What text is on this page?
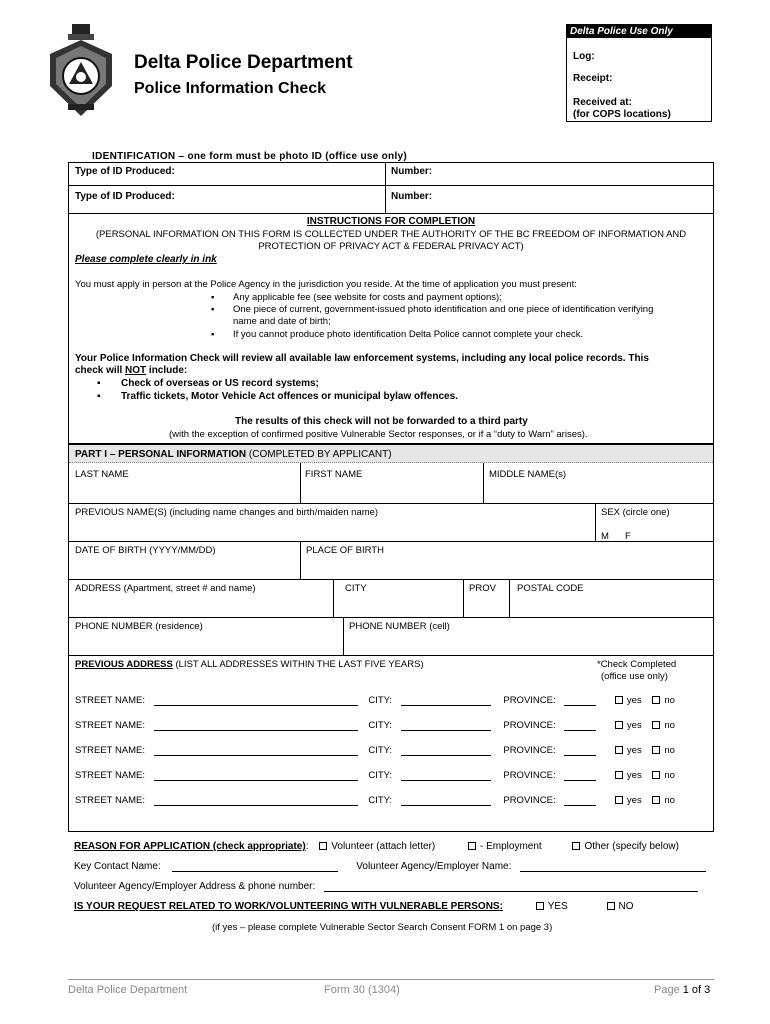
Delta Police Department
Police Information Check
Delta Police Use Only
Log:
Receipt:
Received at:
(for COPS locations)
IDENTIFICATION – one form must be photo ID (office use only)
Type of ID Produced:	Number:
Type of ID Produced:	Number:
INSTRUCTIONS FOR COMPLETION
(PERSONAL INFORMATION ON THIS FORM IS COLLECTED UNDER THE AUTHORITY OF THE BC FREEDOM OF INFORMATION AND
PROTECTION OF PRIVACY ACT & FEDERAL PRIVACY ACT)
Please complete clearly in ink
You must apply in person at the Police Agency in the jurisdiction you reside. At the time of application you must present:
▪ Any applicable fee (see website for costs and payment options);
▪ One piece of current, government-issued photo identification and one piece of identification verifying
name and date of birth;
▪ If you cannot produce photo identification Delta Police cannot complete your check.
Your Police Information Check will review all available law enforcement systems, including any local police records. This
check will NOT include:
▪ Check of overseas or US record systems;
▪ Traffic tickets, Motor Vehicle Act offences or municipal bylaw offences.
The results of this check will not be forwarded to a third party
(with the exception of confirmed positive Vulnerable Sector responses, or if a “duty to Warn” arises).
PART I – PERSONAL INFORMATION (COMPLETED BY APPLICANT)
LAST NAME	FIRST NAME	MIDDLE NAME(s)
PREVIOUS NAME(S) (including name changes and birth/maiden name)	SEX (circle one)
M F
DATE OF BIRTH (YYYY/MM/DD)	PLACE OF BIRTH
ADDRESS (Apartment, street # and name)	CITY	PROV POSTAL CODE
PHONE NUMBER (residence)	PHONE NUMBER (cell)
PREVIOUS ADDRESS (LIST ALL ADDRESSES WITHIN THE LAST FIVE YEARS)	*Check Completed
(office use only)
STREET NAME:	CITY:	PROVINCE:	yes no
STREET NAME:	CITY:	PROVINCE:	yes no
STREET NAME:	CITY:	PROVINCE:	yes no
STREET NAME:	CITY:	PROVINCE:	yes no
STREET NAME:	CITY:	PROVINCE:	yes no
REASON FOR APPLICATION (check appropriate): Volunteer (attach letter)	- Employment	Other (specify below)
Key Contact Name:	Volunteer Agency/Employer Name:
Volunteer Agency/Employer Address & phone number:
IS YOUR REQUEST RELATED TO WORK/VOLUNTEERING WITH VULNERABLE PERSONS:	YES	NO
(if yes – please complete Vulnerable Sector Search Consent FORM 1 on page 3)
Delta Police Department	Form 30 (1304)	Page 1 of 3
